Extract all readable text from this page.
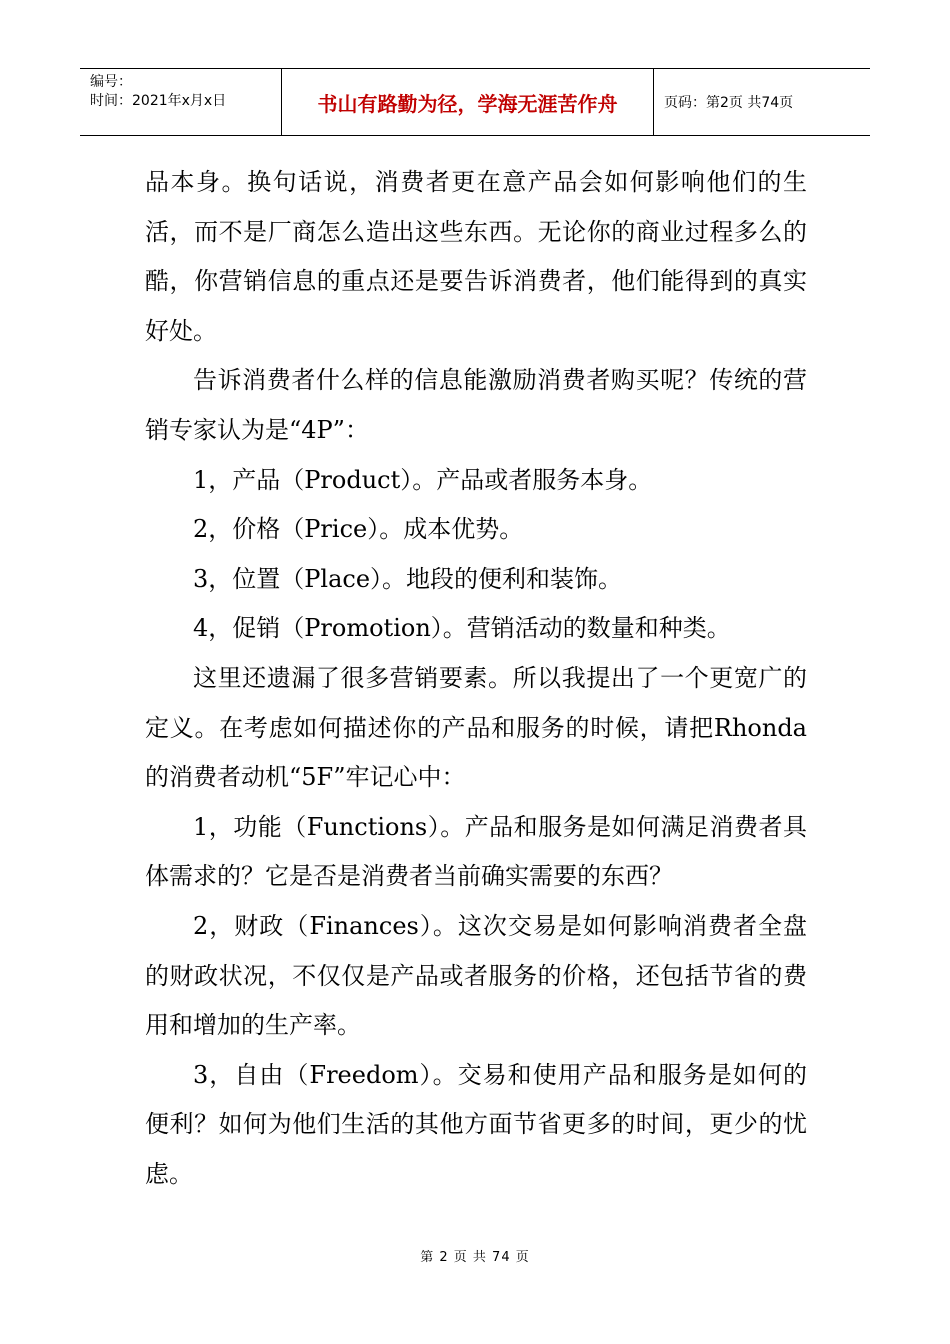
编号：
时间：2021年x月x日	书山有路勤为径，学海无涯苦作舟	页码：第2页 共74页

品本身。换句话说，消费者更在意产品会如何影响他们的生活，而不是厂商怎么造出这些东西。无论你的商业过程多么的酷，你营销信息的重点还是要告诉消费者，他们能得到的真实好处。

告诉消费者什么样的信息能激励消费者购买呢？传统的营销专家认为是“4P”：

1，产品（Product）。产品或者服务本身。

2，价格（Price）。成本优势。

3，位置（Place）。地段的便利和装饰。

4，促销（Promotion）。营销活动的数量和种类。

这里还遗漏了很多营销要素。所以我提出了一个更宽广的定义。在考虑如何描述你的产品和服务的时候，请把Rhonda的消费者动机“5F”牢记心中：

1，功能（Functions）。产品和服务是如何满足消费者具体需求的？它是否是消费者当前确实需要的东西？

2，财政（Finances）。这次交易是如何影响消费者全盘的财政状况，不仅仅是产品或者服务的价格，还包括节省的费用和增加的生产率。

3，自由（Freedom）。交易和使用产品和服务是如何的便利？如何为他们生活的其他方面节省更多的时间，更少的忧虑。

第 2 页 共 74 页
